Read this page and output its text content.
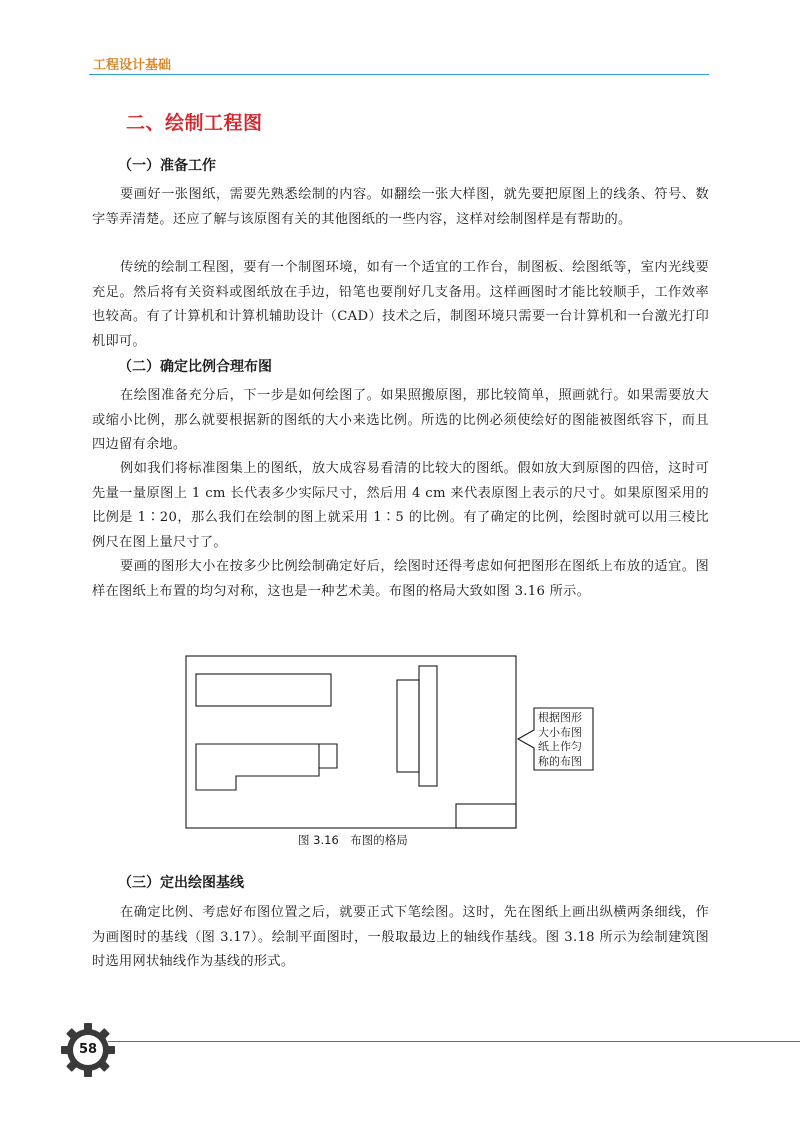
工程设计基础
二、绘制工程图
（一）准备工作

要画好一张图纸，需要先熟悉绘制的内容。如翻绘一张大样图，就先要把原图上的线条、符号、数字等弄清楚。还应了解与该原图有关的其他图纸的一些内容，这样对绘制图样是有帮助的。

传统的绘制工程图，要有一个制图环境，如有一个适宜的工作台，制图板、绘图纸等，室内光线要充足。然后将有关资料或图纸放在手边，铅笔也要削好几支备用。这样画图时才能比较顺手，工作效率也较高。有了计算机和计算机辅助设计（CAD）技术之后，制图环境只需要一台计算机和一台激光打印机即可。

（二）确定比例合理布图

在绘图准备充分后，下一步是如何绘图了。如果照搬原图，那比较简单，照画就行。如果需要放大或缩小比例，那么就要根据新的图纸的大小来选比例。所选的比例必须使绘好的图能被图纸容下，而且四边留有余地。

例如我们将标准图集上的图纸，放大成容易看清的比较大的图纸。假如放大到原图的四倍，这时可先量一量原图上 1 cm 长代表多少实际尺寸，然后用 4 cm 来代表原图上表示的尺寸。如果原图采用的比例是 1∶20，那么我们在绘制的图上就采用 1∶5 的比例。有了确定的比例，绘图时就可以用三棱比例尺在图上量尺寸了。

要画的图形大小在按多少比例绘制确定好后，绘图时还得考虑如何把图形在图纸上布放的适宜。图样在图纸上布置的均匀对称，这也是一种艺术美。布图的格局大致如图 3.16 所示。

根据图形大小布图纸上作匀称的布图
图 3.16　布图的格局
（三）定出绘图基线

在确定比例、考虑好布图位置之后，就要正式下笔绘图。这时，先在图纸上画出纵横两条细线，作为画图时的基线（图 3.17）。绘制平面图时，一般取最边上的轴线作基线。图 3.18 所示为绘制建筑图时选用网状轴线作为基线的形式。

58
